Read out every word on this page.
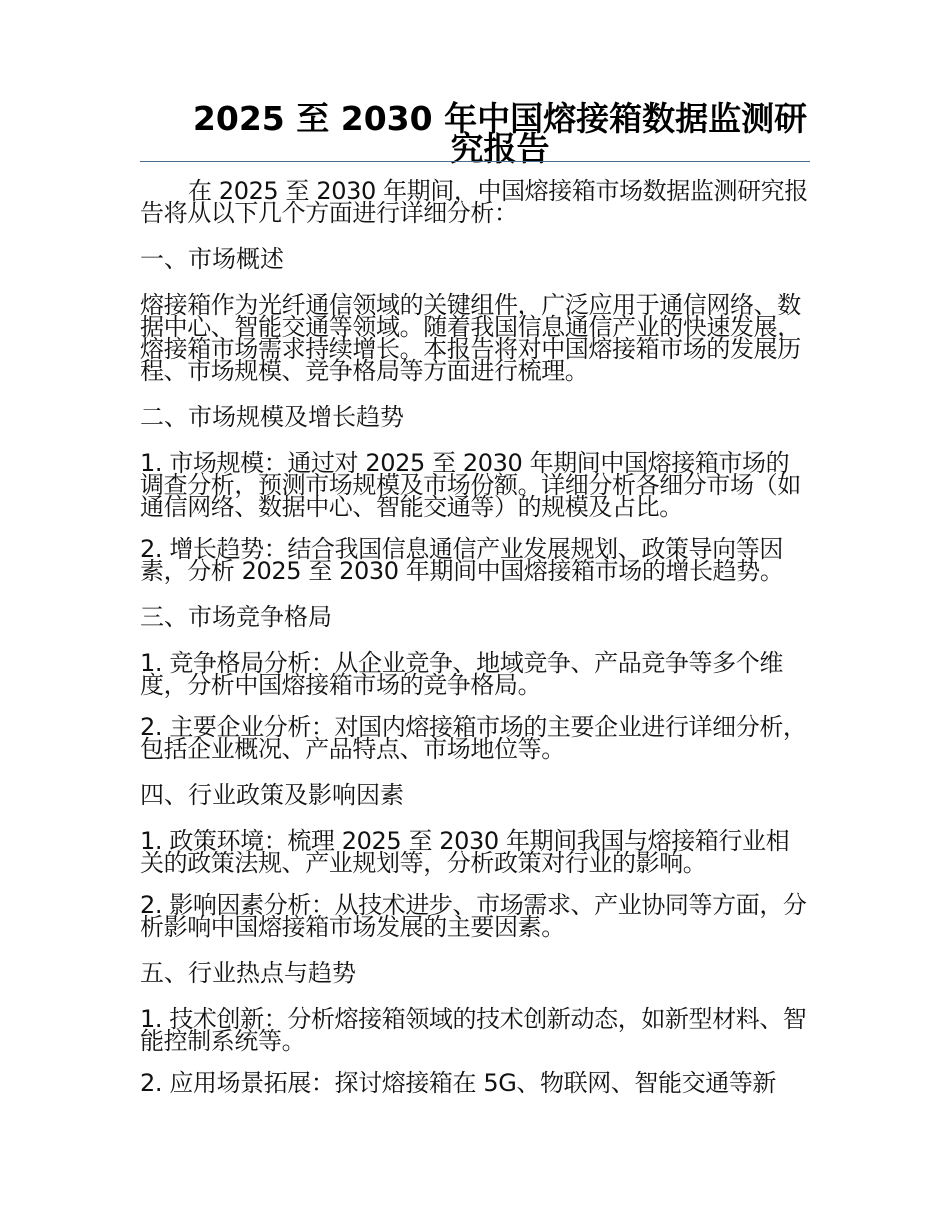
2025 至 2030 年中国熔接箱数据监测研究报告

在 2025 至 2030 年期间，中国熔接箱市场数据监测研究报告将从以下几个方面进行详细分析：

一、市场概述

熔接箱作为光纤通信领域的关键组件，广泛应用于通信网络、数据中心、智能交通等领域。随着我国信息通信产业的快速发展，熔接箱市场需求持续增长。本报告将对中国熔接箱市场的发展历程、市场规模、竞争格局等方面进行梳理。

二、市场规模及增长趋势

1. 市场规模：通过对 2025 至 2030 年期间中国熔接箱市场的调查分析，预测市场规模及市场份额。详细分析各细分市场（如通信网络、数据中心、智能交通等）的规模及占比。

2. 增长趋势：结合我国信息通信产业发展规划、政策导向等因素，分析 2025 至 2030 年期间中国熔接箱市场的增长趋势。

三、市场竞争格局

1. 竞争格局分析：从企业竞争、地域竞争、产品竞争等多个维度，分析中国熔接箱市场的竞争格局。

2. 主要企业分析：对国内熔接箱市场的主要企业进行详细分析，包括企业概况、产品特点、市场地位等。

四、行业政策及影响因素

1. 政策环境：梳理 2025 至 2030 年期间我国与熔接箱行业相关的政策法规、产业规划等，分析政策对行业的影响。

2. 影响因素分析：从技术进步、市场需求、产业协同等方面，分析影响中国熔接箱市场发展的主要因素。

五、行业热点与趋势

1. 技术创新：分析熔接箱领域的技术创新动态，如新型材料、智能控制系统等。

2. 应用场景拓展：探讨熔接箱在 5G、物联网、智能交通等新
